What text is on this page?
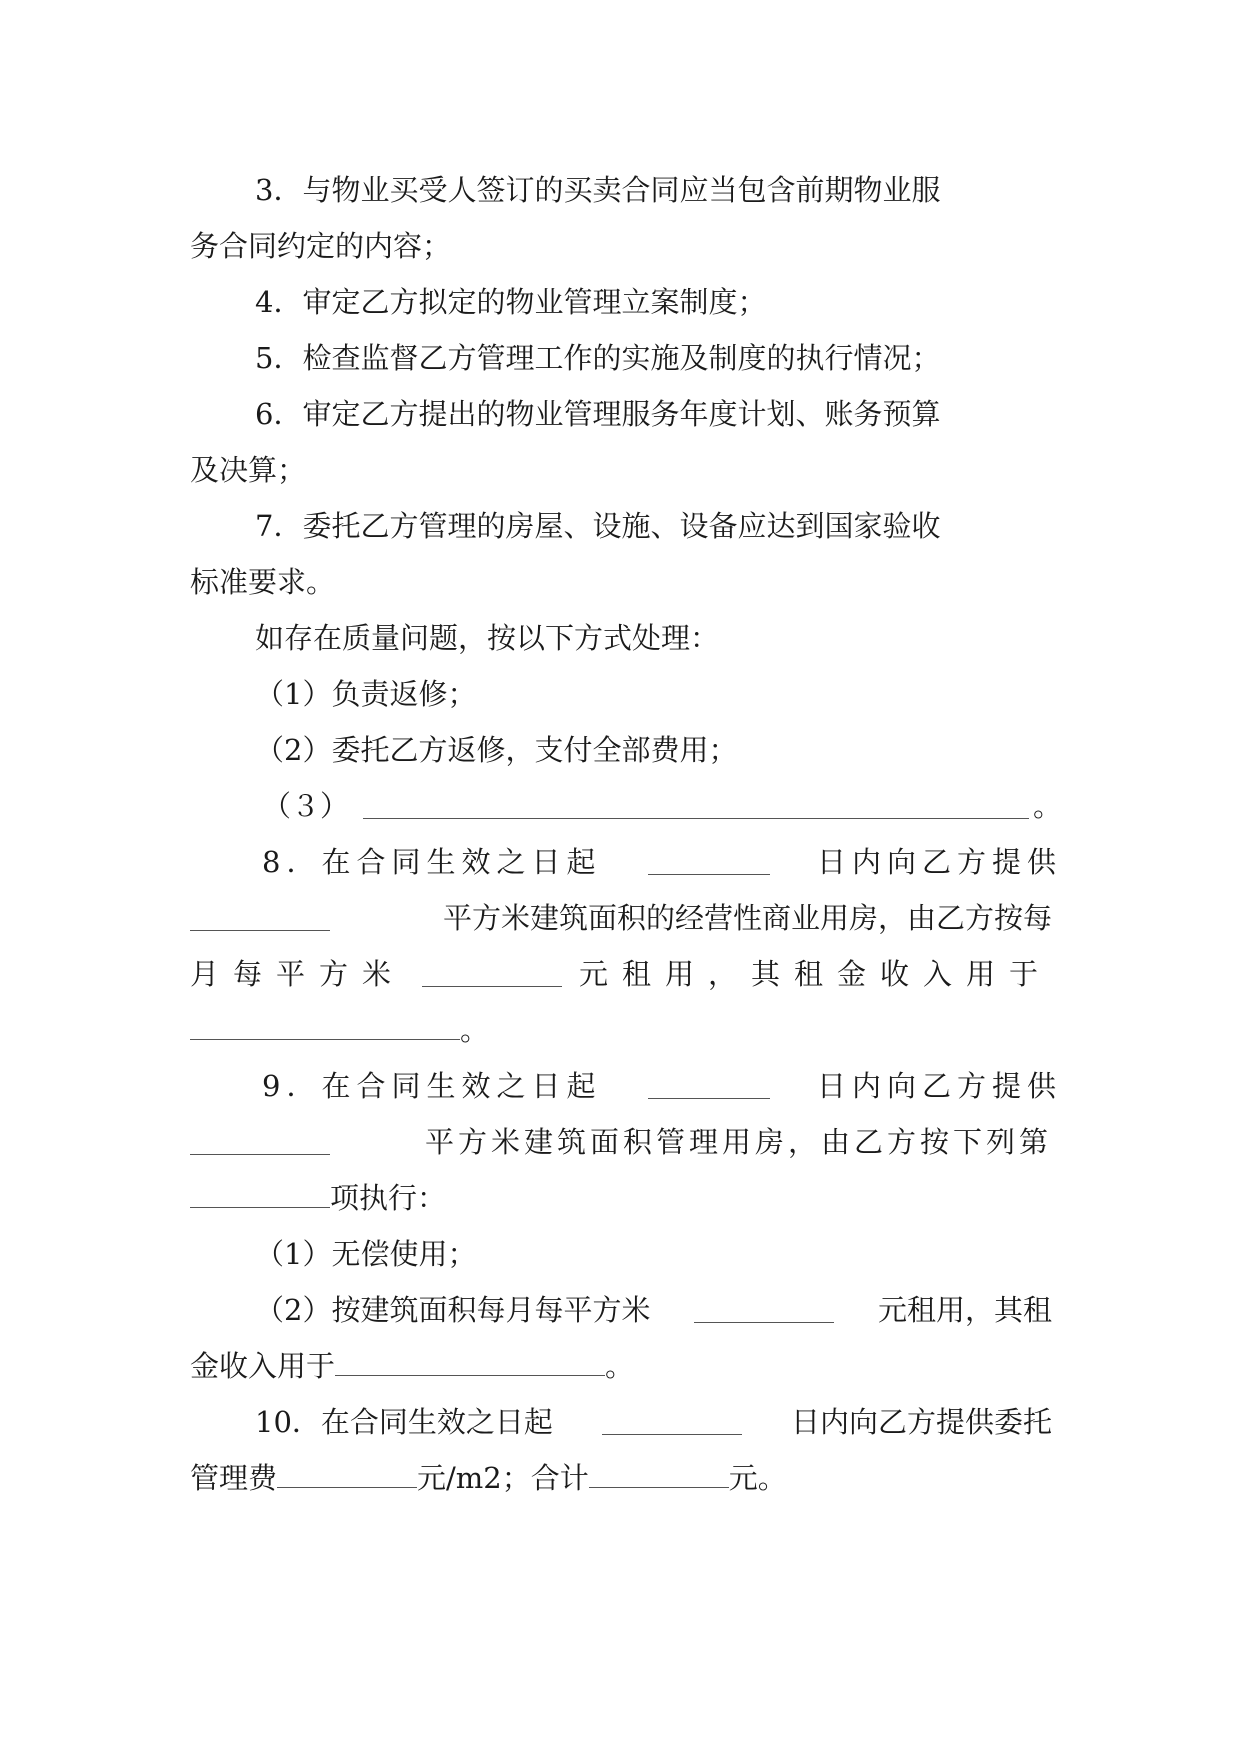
3．与物业买受人签订的买卖合同应当包含前期物业服
务合同约定的内容；
4．审定乙方拟定的物业管理立案制度；
5．检查监督乙方管理工作的实施及制度的执行情况；
6．审定乙方提出的物业管理服务年度计划、账务预算
及决算；
7．委托乙方管理的房屋、设施、设备应达到国家验收
标准要求。
如存在质量问题，按以下方式处理：
（1）负责返修；
（2）委托乙方返修，支付全部费用；
（３）	。
8．在合同生效之日起	日内向乙方提供
平方米建筑面积的经营性商业用房，由乙方按每
月每平方米	元租用，其租金收入用于
。
9．在合同生效之日起	日内向乙方提供
平方米建筑面积管理用房，由乙方按下列第
项执行：
（1）无偿使用；
（2）按建筑面积每月每平方米	元租用，其租
金收入用于	。
10．在合同生效之日起	日内向乙方提供委托
管理费	元/m2；合计	元。
